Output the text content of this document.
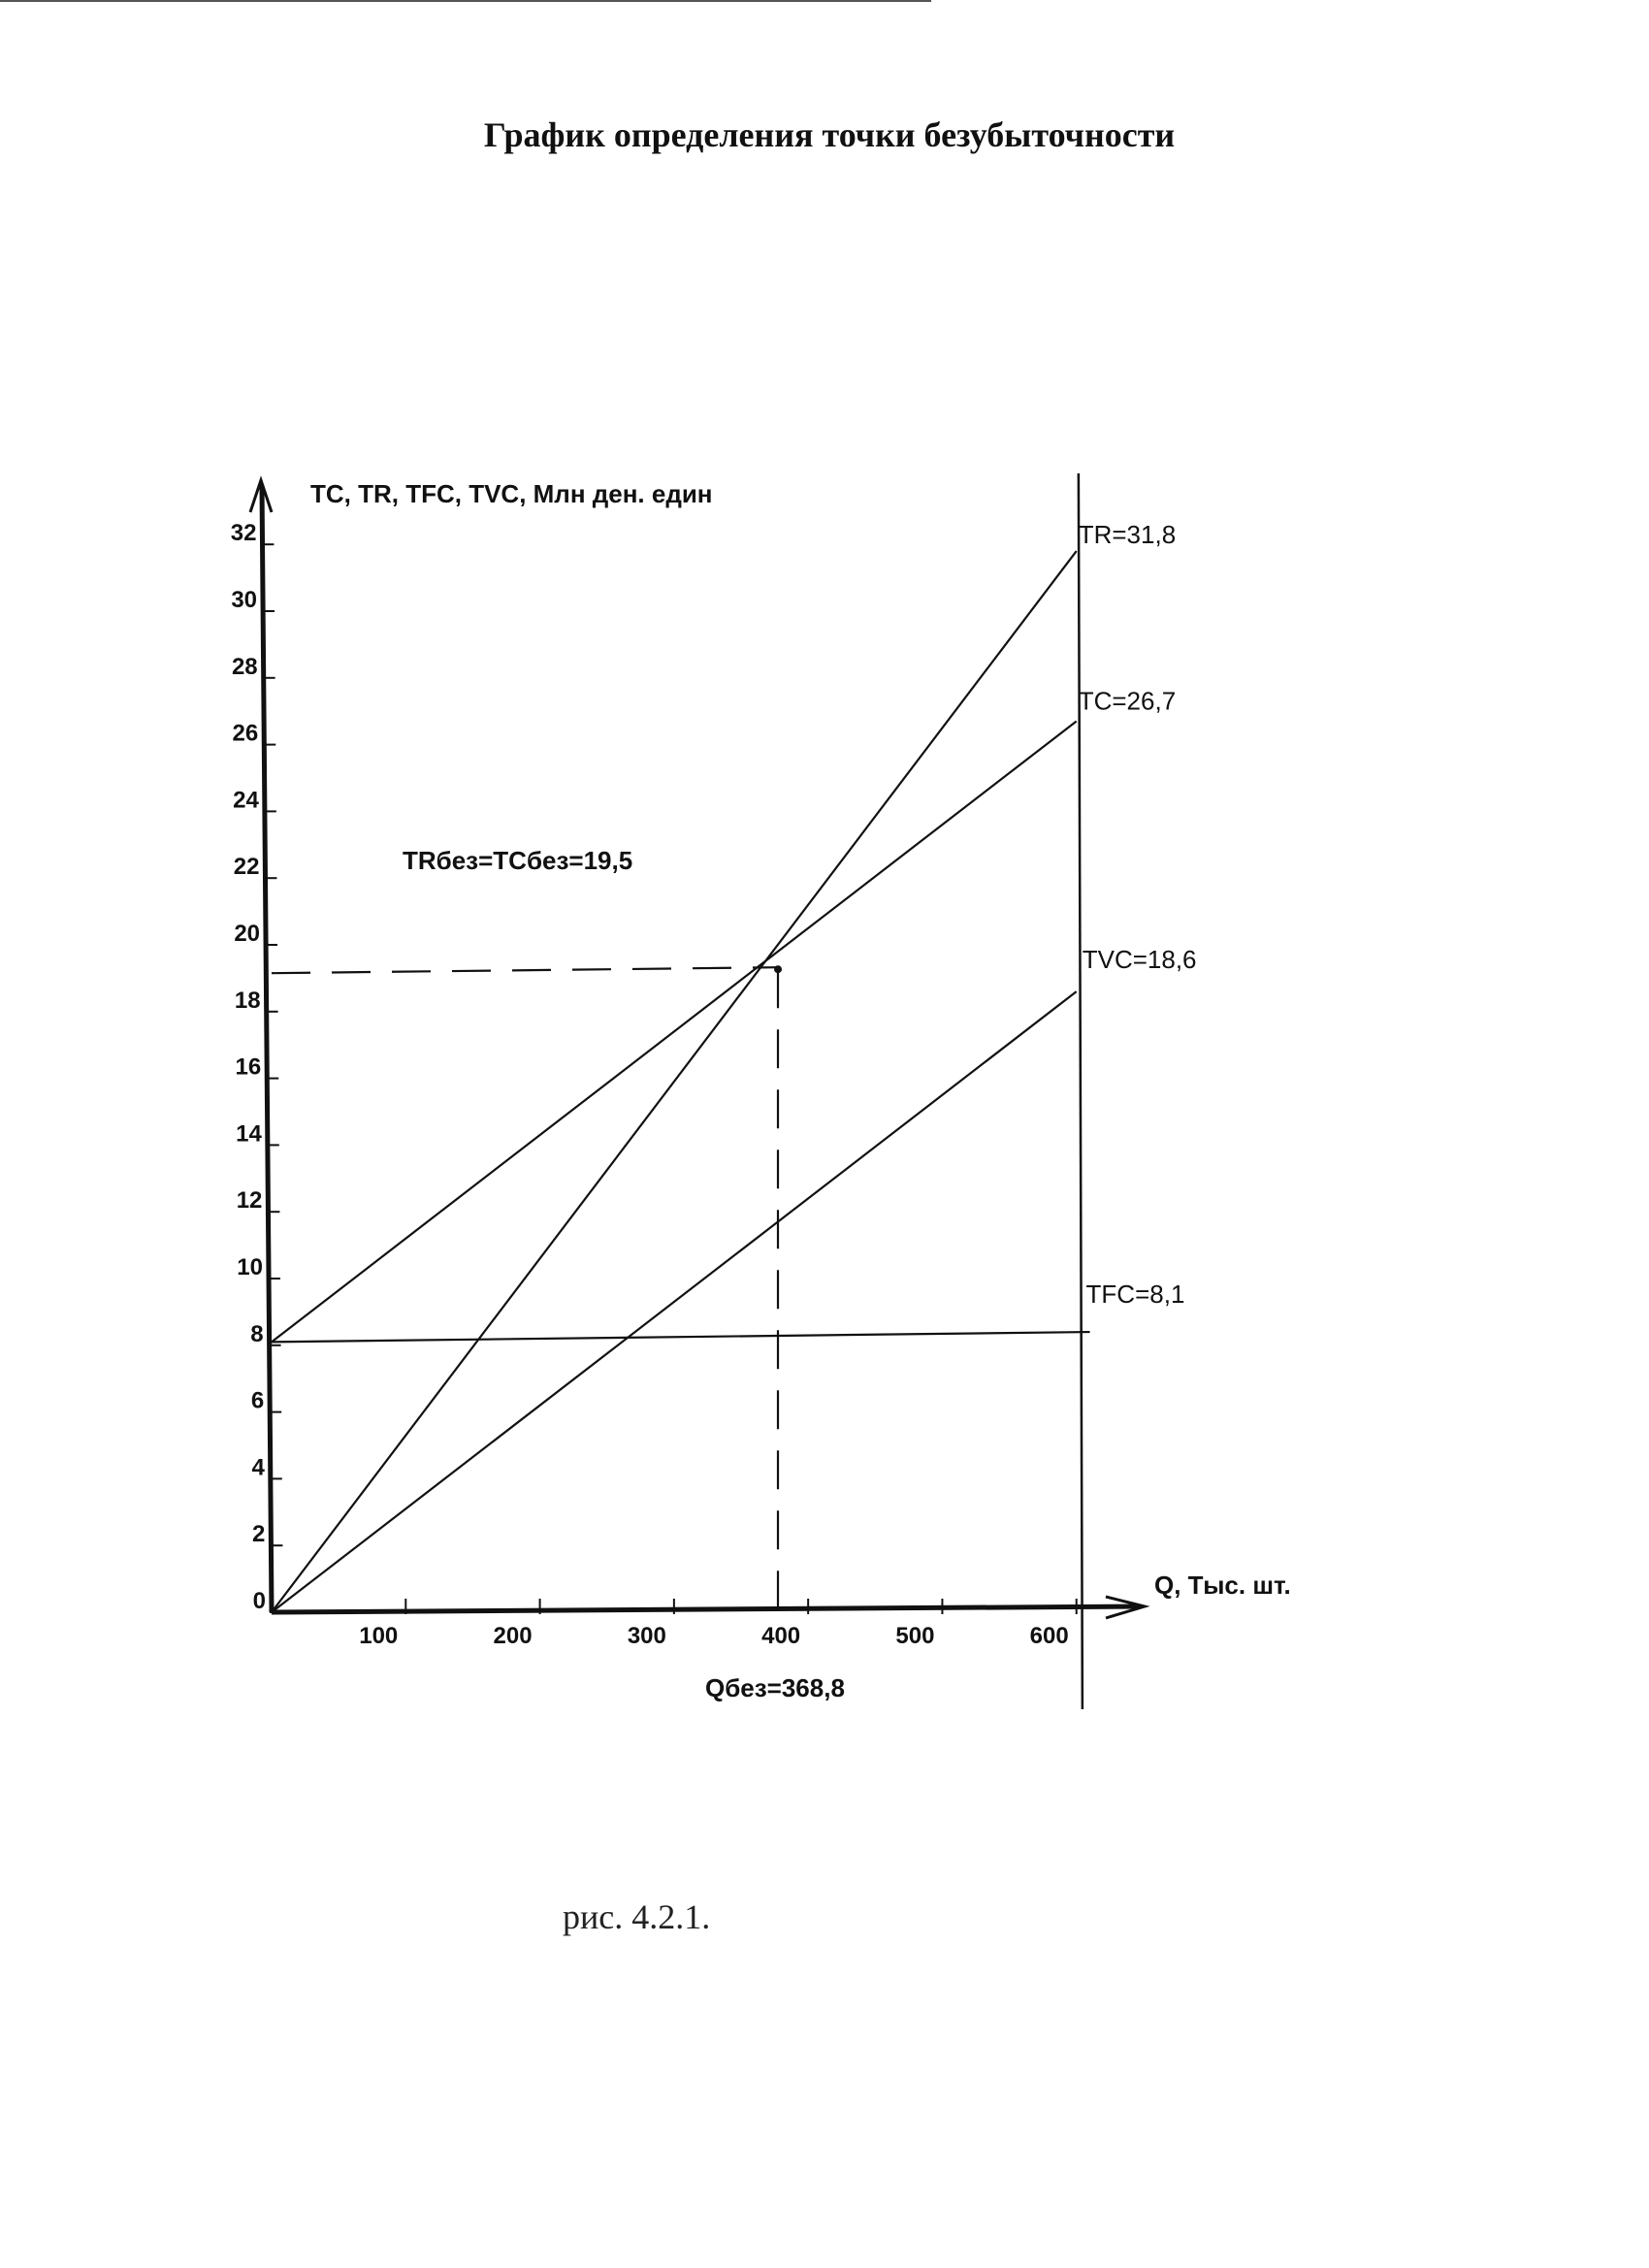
График определения точки безубыточности
TC, TR, TFC, TVC, Млн ден. един
Q, Тыс. шт.
0
2
4
6
8
10
12
14
16
18
20
22
24
26
28
30
32
100	200	300	400	500	600
TR=31,8
TC=26,7
TVC=18,6
TFC=8,1
TRбез=TCбез=19,5
Qбез=368,8
рис. 4.2.1.
